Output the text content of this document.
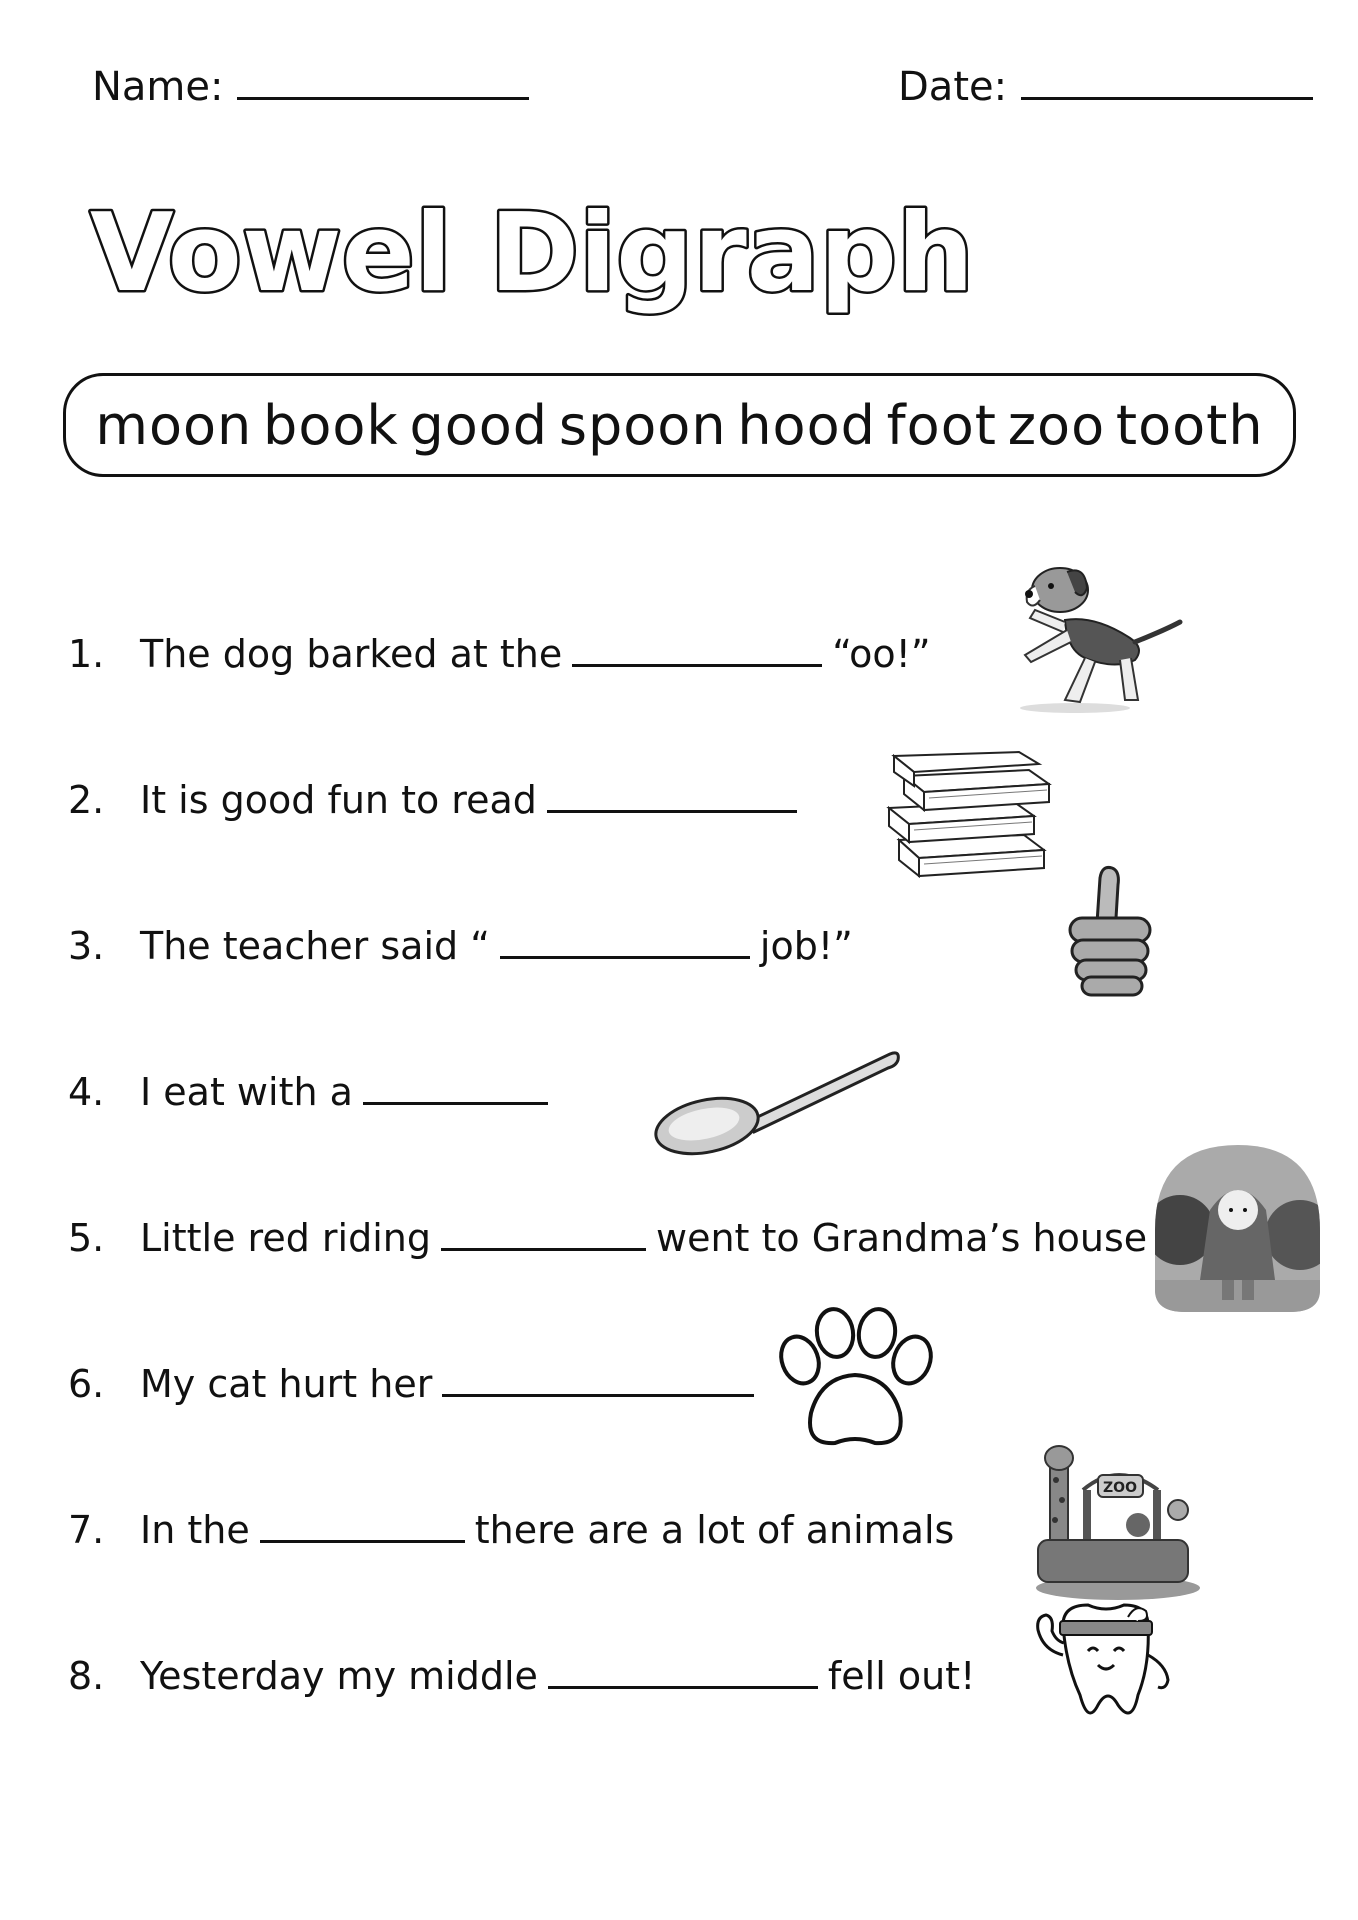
Name:	Date:
Vowel Digraph
moon book good spoon hood foot zoo tooth
1. The dog barked at the	“oo!”
2. It is good fun to read
3. The teacher said “	job!”
4. I eat with a
5. Little red riding	went to Grandma’s house
6. My cat hurt her
7. In the	there are a lot of animals
8. Yesterday my middle	fell out!
ZOO
